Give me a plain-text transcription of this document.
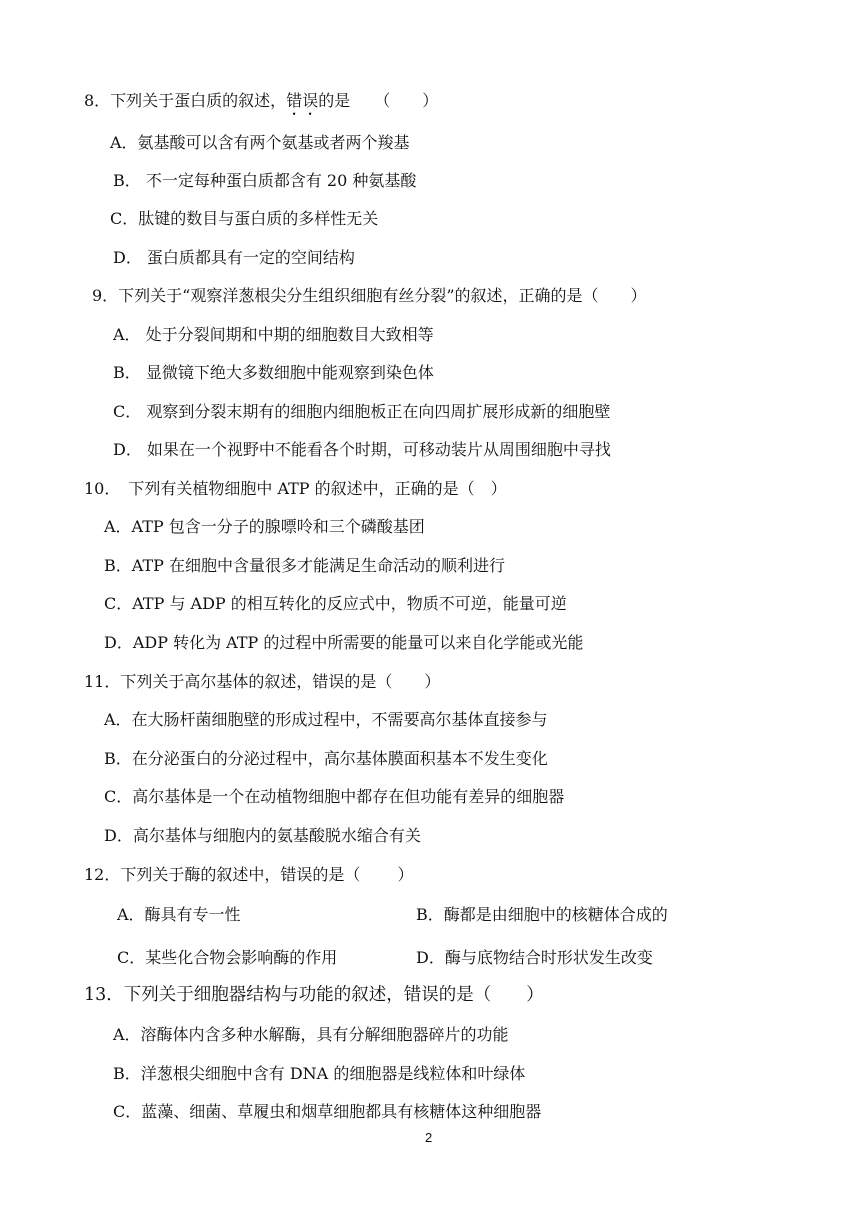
8．下列关于蛋白质的叙述，错误的是　　（　　）
A．氨基酸可以含有两个氨基或者两个羧基
B． 不一定每种蛋白质都含有 20 种氨基酸
C．肽键的数目与蛋白质的多样性无关
D． 蛋白质都具有一定的空间结构
9．下列关于“观察洋葱根尖分生组织细胞有丝分裂”的叙述，正确的是（　　）
A． 处于分裂间期和中期的细胞数目大致相等
B． 显微镜下绝大多数细胞中能观察到染色体
C． 观察到分裂末期有的细胞内细胞板正在向四周扩展形成新的细胞壁
D． 如果在一个视野中不能看各个时期，可移动装片从周围细胞中寻找
10．　下列有关植物细胞中 ATP 的叙述中，正确的是（　）
A．ATP 包含一分子的腺嘌呤和三个磷酸基团
B．ATP 在细胞中含量很多才能满足生命活动的顺利进行
C．ATP 与 ADP 的相互转化的反应式中，物质不可逆，能量可逆
D．ADP 转化为 ATP 的过程中所需要的能量可以来自化学能或光能
11．下列关于高尔基体的叙述，错误的是（　　）
A．在大肠杆菌细胞壁的形成过程中，不需要高尔基体直接参与
B．在分泌蛋白的分泌过程中，高尔基体膜面积基本不发生变化
C．高尔基体是一个在动植物细胞中都存在但功能有差异的细胞器
D．高尔基体与细胞内的氨基酸脱水缩合有关
12．下列关于酶的叙述中，错误的是（　　 ）
A．酶具有专一性	B．酶都是由细胞中的核糖体合成的
C．某些化合物会影响酶的作用	D．酶与底物结合时形状发生改变
13．下列关于细胞器结构与功能的叙述，错误的是（　　）
A．溶酶体内含多种水解酶，具有分解细胞器碎片的功能
B．洋葱根尖细胞中含有 DNA 的细胞器是线粒体和叶绿体
C．蓝藻、细菌、草履虫和烟草细胞都具有核糖体这种细胞器
2
